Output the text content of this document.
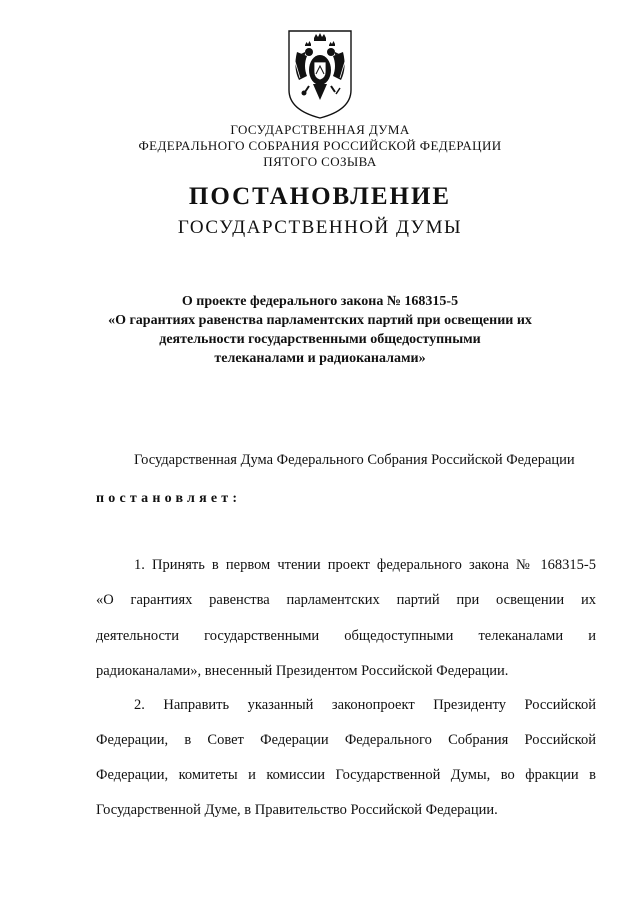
ГОСУДАРСТВЕННАЯ ДУМА
ФЕДЕРАЛЬНОГО СОБРАНИЯ РОССИЙСКОЙ ФЕДЕРАЦИИ
ПЯТОГО СОЗЫВА
ПОСТАНОВЛЕНИЕ
ГОСУДАРСТВЕННОЙ ДУМЫ
О проекте федерального закона № 168315-5
«О гарантиях равенства парламентских партий при освещении их
деятельности государственными общедоступными
телеканалами и радиоканалами»
Государственная Дума Федерального Собрания Российской Федерации
постановляет:
1. Принять в первом чтении проект федерального закона № 168315-5
«О гарантиях равенства парламентских партий при освещении их
деятельности государственными общедоступными телеканалами и
радиоканалами», внесенный Президентом Российской Федерации.
2. Направить указанный законопроект Президенту Российской
Федерации, в Совет Федерации Федерального Собрания Российской
Федерации, комитеты и комиссии Государственной Думы, во фракции в
Государственной Думе, в Правительство Российской Федерации.
